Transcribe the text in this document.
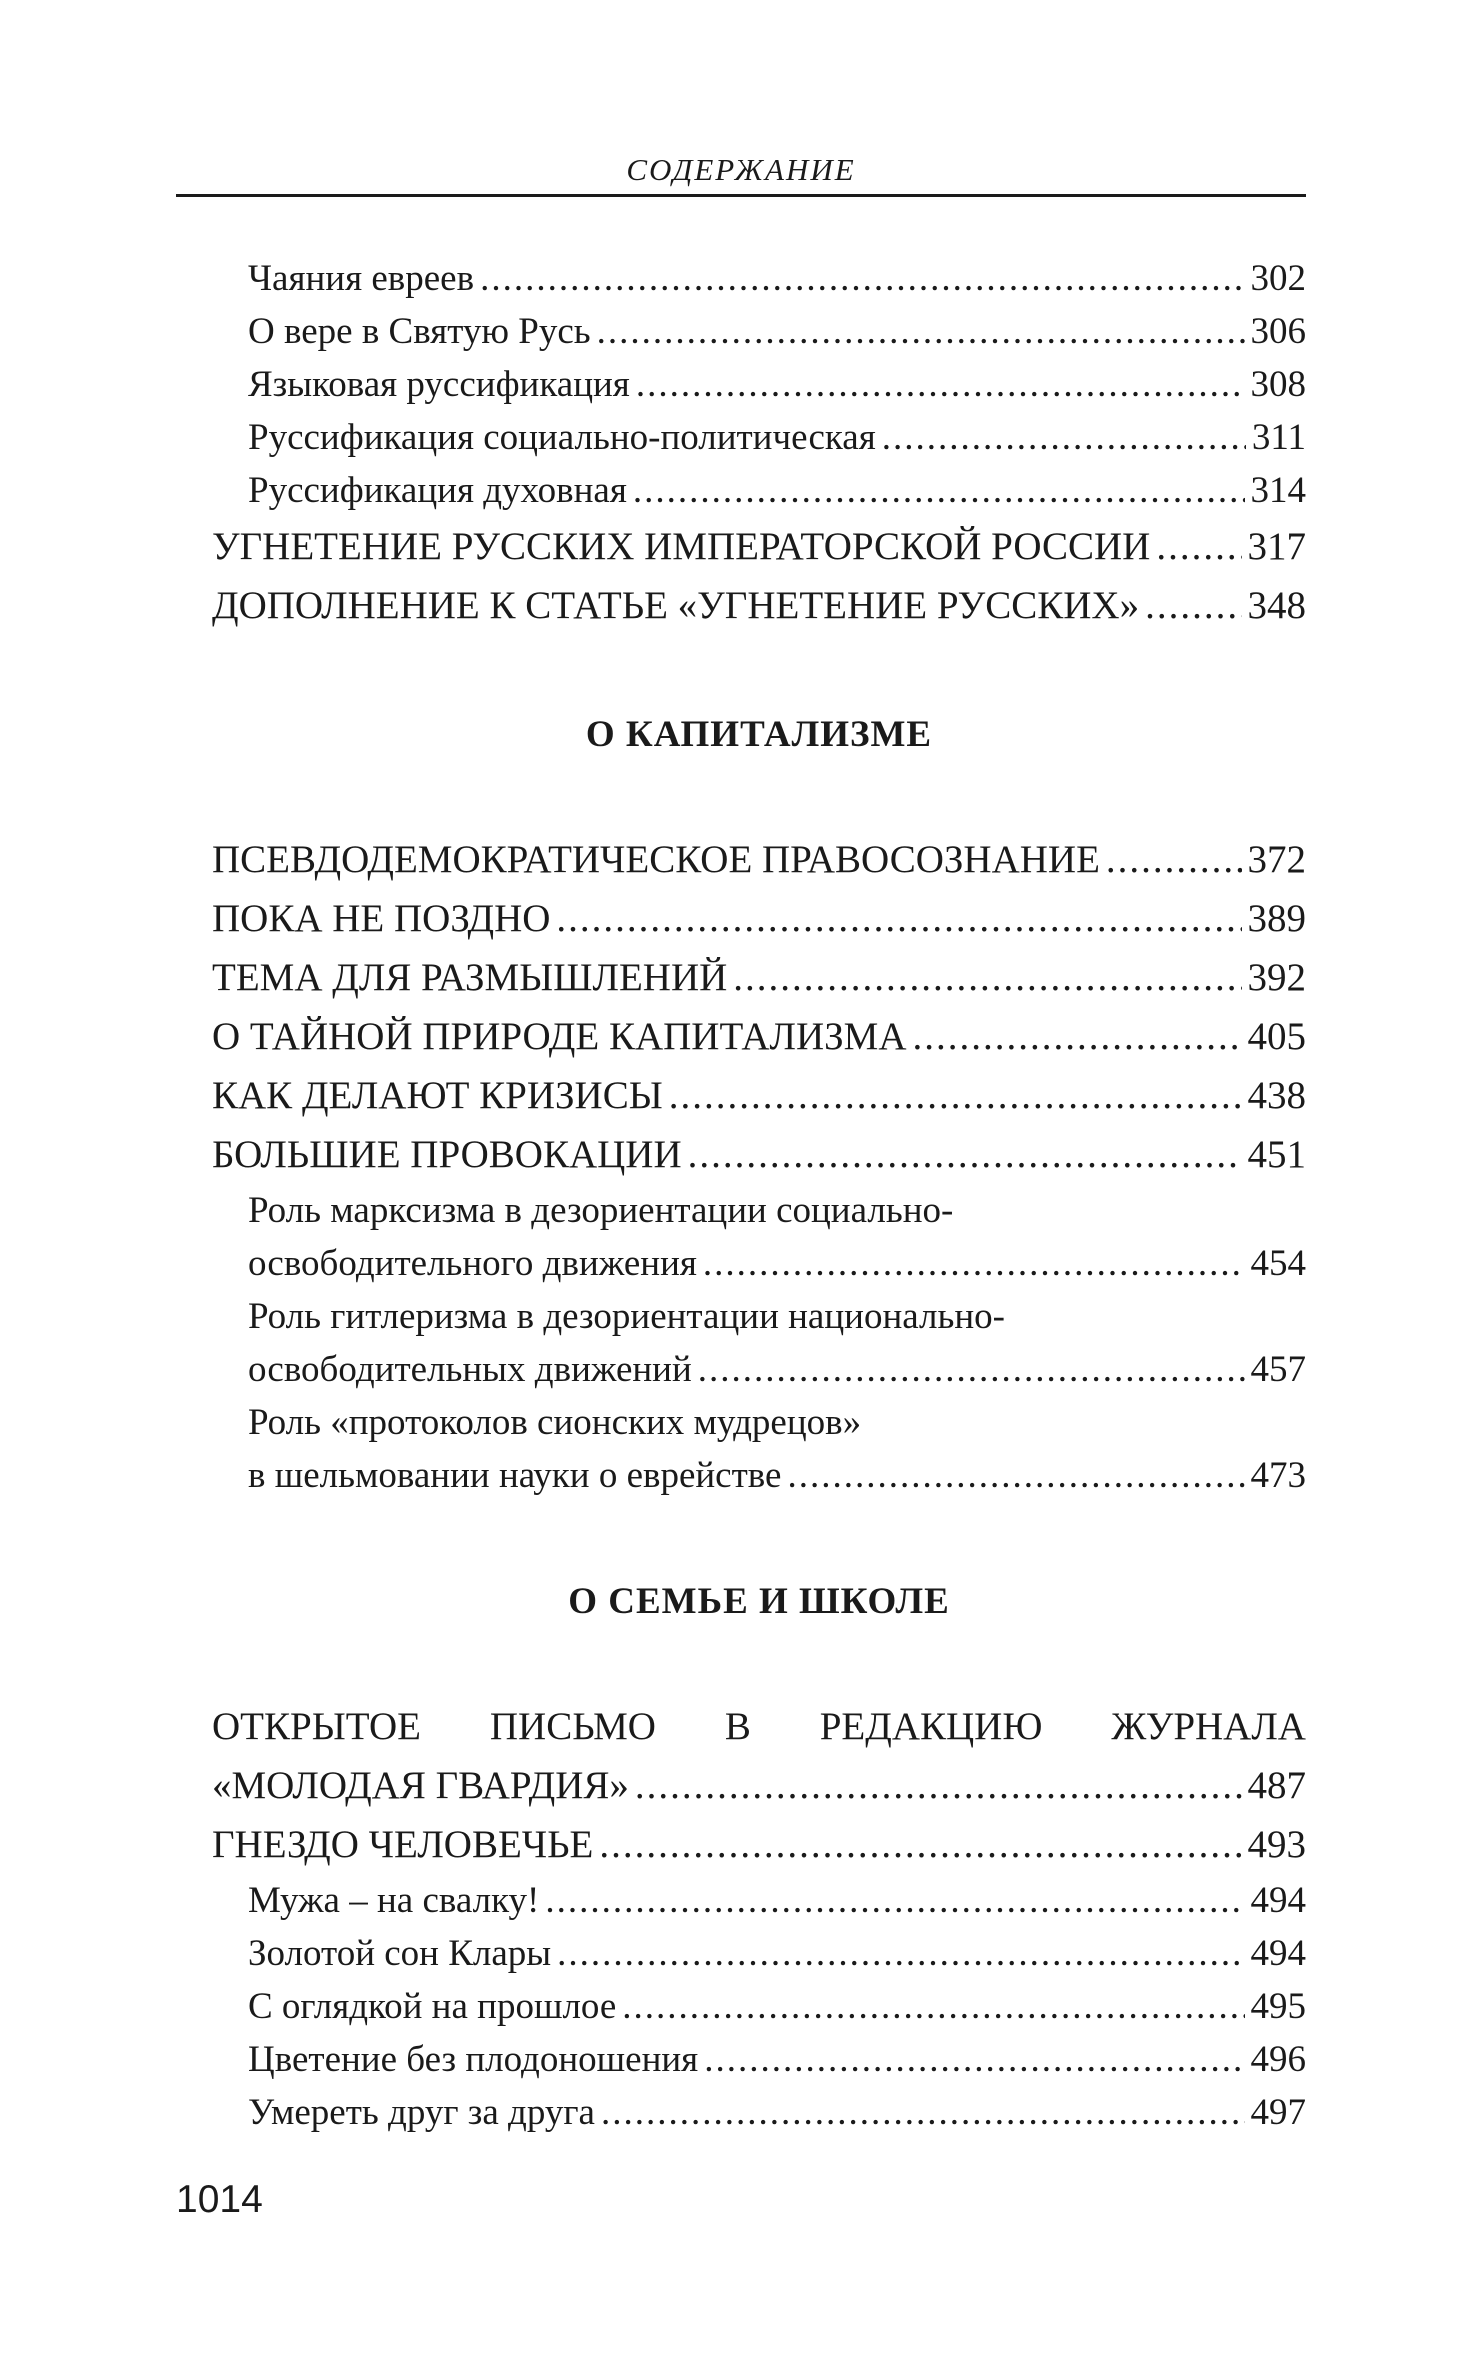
СОДЕРЖАНИЕ
Чаяния евреев .....	302
О вере в Святую Русь .....	306
Языковая руссификация .....	308
Руссификация социально-политическая .....	311
Руссификация духовная .....	314
УГНЕТЕНИЕ РУССКИХ ИМПЕРАТОРСКОЙ РОССИИ ..... 317
ДОПОЛНЕНИЕ К СТАТЬЕ «УГНЕТЕНИЕ РУССКИХ» .....	348
О КАПИТАЛИЗМЕ
ПСЕВДОДЕМОКРАТИЧЕСКОЕ ПРАВОСОЗНАНИЕ .....	372
ПОКА НЕ ПОЗДНО .....	389
ТЕМА ДЛЯ РАЗМЫШЛЕНИЙ .....	392
О ТАЙНОЙ ПРИРОДЕ КАПИТАЛИЗМА .....	405
КАК ДЕЛАЮТ КРИЗИСЫ .....	438
БОЛЬШИЕ ПРОВОКАЦИИ .....	451
Роль марксизма в дезориентации социально-
освободительного движения .....	454
Роль гитлеризма в дезориентации национально-
освободительных движений .....	457
Роль «протоколов сионских мудрецов»
в шельмовании науки о еврействе .....	473
О СЕМЬЕ И ШКОЛЕ
ОТКРЫТОЕ ПИСЬМО В РЕДАКЦИЮ ЖУРНАЛА
«МОЛОДАЯ ГВАРДИЯ» .....	487
ГНЕЗДО ЧЕЛОВЕЧЬЕ .....	493
Мужа – на свалку! .....	494
Золотой сон Клары .....	494
С оглядкой на прошлое .....	495
Цветение без плодоношения .....	496
Умереть друг за друга .....	497
1014
